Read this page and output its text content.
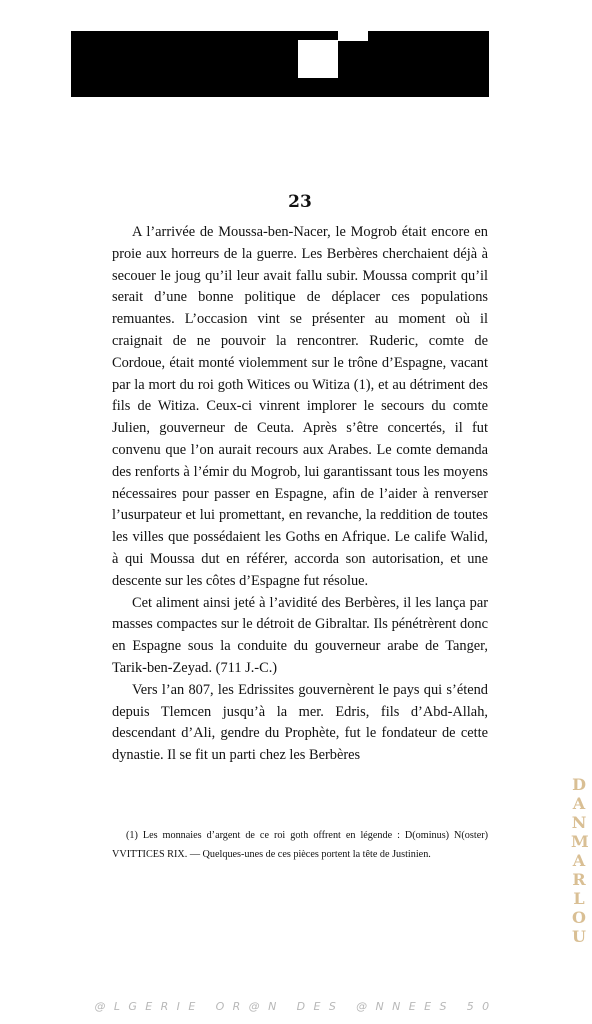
23

A l’arrivée de Moussa-ben-Nacer, le Mogrob était encore en proie aux horreurs de la guerre. Les Berbères cherchaient déjà à secouer le joug qu’il leur avait fallu subir. Moussa comprit qu’il serait d’une bonne politique de déplacer ces populations remuantes. L’occasion vint se présenter au moment où il craignait de ne pouvoir la rencontrer. Ruderic, comte de Cordoue, était monté violemment sur le trône d’Espagne, vacant par la mort du roi goth Witices ou Witiza (1), et au détriment des fils de Witiza. Ceux-ci vinrent implorer le secours du comte Julien, gouverneur de Ceuta. Après s’être concertés, il fut convenu que l’on aurait recours aux Arabes. Le comte demanda des renforts à l’émir du Mogrob, lui garantissant tous les moyens nécessaires pour passer en Espagne, afin de l’aider à renverser l’usurpateur et lui promettant, en revanche, la reddition de toutes les villes que possédaient les Goths en Afrique. Le calife Walid, à qui Moussa dut en référer, accorda son autorisation, et une descente sur les côtes d’Espagne fut résolue.

Cet aliment ainsi jeté à l’avidité des Berbères, il les lança par masses compactes sur le détroit de Gibraltar. Ils pénétrèrent donc en Espagne sous la conduite du gouverneur arabe de Tanger, Tarik-ben-Zeyad. (711 J.-C.)

Vers l’an 807, les Edrissites gouvernèrent le pays qui s’étend depuis Tlemcen jusqu’à la mer. Edris, fils d’Abd-Allah, descendant d’Ali, gendre du Prophète, fut le fondateur de cette dynastie. Il se fit un parti chez les Berbères

(1) Les monnaies d’argent de ce roi goth offrent en légende : D(ominus) N(oster) VVITTICES RIX. — Quelques-unes de ces pièces portent la tête de Justinien.

D
A
N
M
A
R
L
O
U
@LGERIE OR@N DES @NNEES 50
